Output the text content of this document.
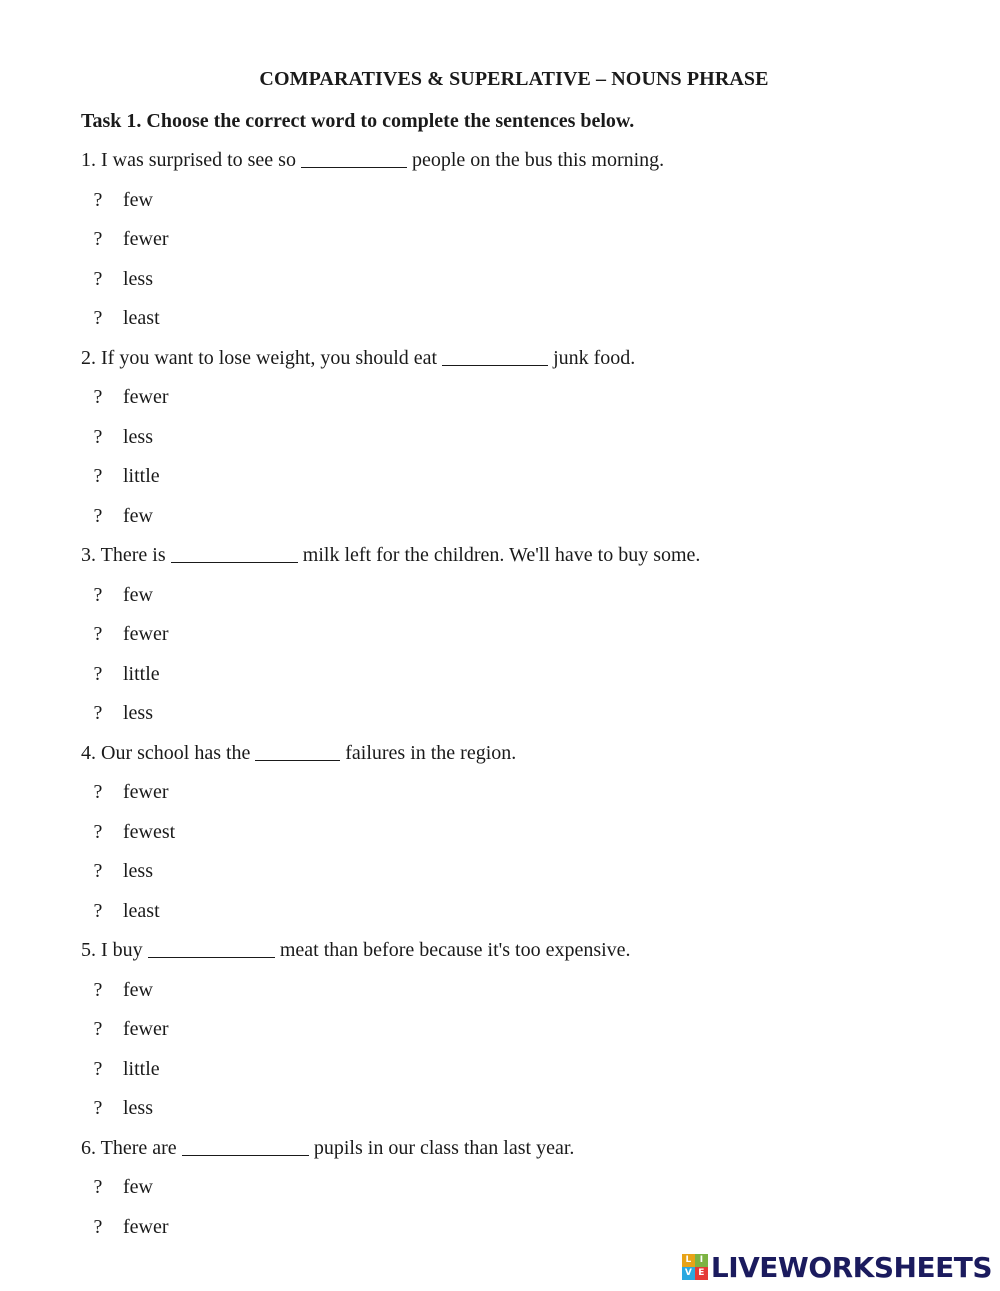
COMPARATIVES & SUPERLATIVE – NOUNS PHRASE
Task 1. Choose the correct word to complete the sentences below.
1. I was surprised to see so	people on the bus this morning.
? few
? fewer
? less
? least
2. If you want to lose weight, you should eat	junk food.
? fewer
? less
? little
? few
3. There is	milk left for the children. We'll have to buy some.
? few
? fewer
? little
? less
4. Our school has the	failures in the region.
? fewer
? fewest
? less
? least
5. I buy	meat than before because it's too expensive.
? few
? fewer
? little
? less
6. There are	pupils in our class than last year.
? few
? fewer
L I
V E LIVEWORKSHEETS
